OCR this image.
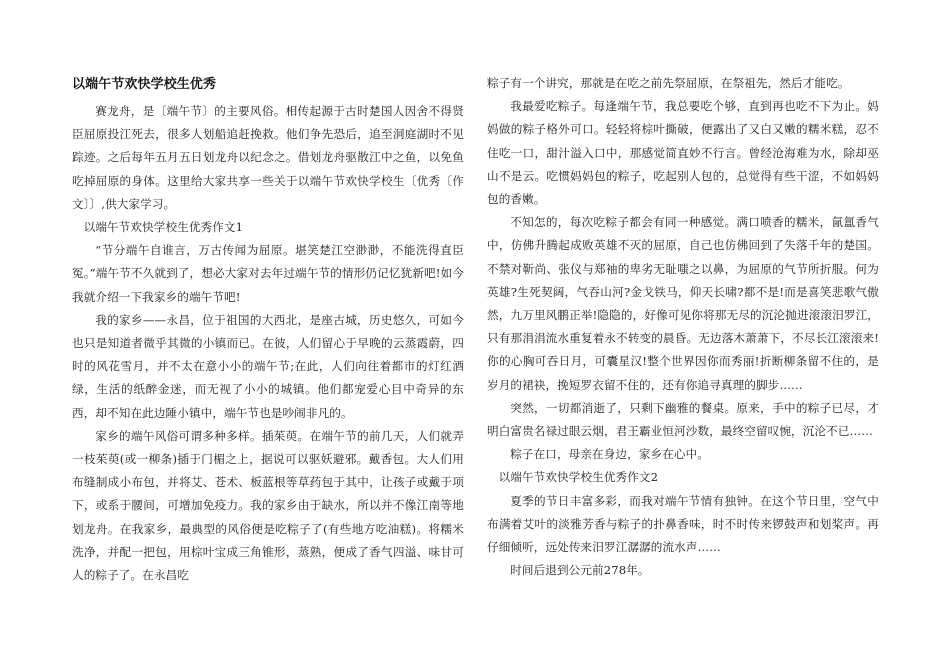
以端午节欢快学校生优秀

赛龙舟，是〔端午节〕的主要风俗。相传起源于古时楚国人因舍不得贤臣屈原投江死去，很多人划船追赶挽救。他们争先恐后，追至洞庭湖时不见踪迹。之后每年五月五日划龙舟以纪念之。借划龙舟驱散江中之鱼，以免鱼吃掉屈原的身体。这里给大家共享一些关于以端午节欢快学校生〔优秀〔作文〕〕,供大家学习。

以端午节欢快学校生优秀作文1

“节分端午自谁言，万古传闻为屈原。堪笑楚江空渺渺，不能洗得直臣冤。”端午节不久就到了，想必大家对去年过端午节的情形仍记忆犹新吧!如今我就介绍一下我家乡的端午节吧!

我的家乡——永昌，位于祖国的大西北，是座古城，历史悠久，可如今也只是知道者微乎其微的小镇而已。在彼，人们留心于早晚的云蒸霞蔚，四时的风花雪月，并不太在意小小的端午节;在此，人们向往着都市的灯红酒绿，生活的纸醉金迷，而无视了小小的城镇。他们都宠爱心目中奇异的东西，却不知在此边陲小镇中，端午节也是吵闹非凡的。

家乡的端午风俗可谓多种多样。插茱萸。在端午节的前几天，人们就弄一枝茱萸(或一柳条)插于门楣之上，据说可以驱妖避邪。戴香包。大人们用布缝制成小布包，并将艾、苍术、板蓝根等草药包于其中，让孩子或戴于项下，或系于腰间，可增加免疫力。我的家乡由于缺水，所以并不像江南等地划龙舟。在我家乡，最典型的风俗便是吃粽子了(有些地方吃油糕)。将糯米洗净，并配一把包，用棕叶宝成三角锥形，蒸熟，便成了香气四溢、味甘可人的粽子了。在永昌吃

粽子有一个讲究，那就是在吃之前先祭屈原，在祭祖先，然后才能吃。

我最爱吃粽子。每逢端午节，我总要吃个够，直到再也吃不下为止。妈妈做的粽子格外可口。轻轻将棕叶撕破，便露出了又白又嫩的糯米糕，忍不住吃一口，甜汁溢入口中，那感觉简直妙不行言。曾经沧海难为水，除却巫山不是云。吃惯妈妈包的粽子，吃起别人包的，总觉得有些干涩，不如妈妈包的香嫩。

不知怎的，每次吃粽子都会有同一种感觉。满口喷香的糯米，氤氲香气中，仿佛升腾起成败英雄不灭的屈原，自己也仿佛回到了失落千年的楚国。不禁对靳尚、张仪与郑袖的卑劣无耻嗤之以鼻，为屈原的气节所折服。何为英雄?生死契阔，气吞山河?金戈铁马，仰天长啸?都不是!而是喜笑悲歌气傲然，九万里风鹏正举!隐隐的，好像可见你将那无尽的沉沦抛进滚滚汨罗江，只有那涓涓流水重复着永不转变的晨昏。无边落木萧萧下，不尽长江滚滚来!你的心胸可吞日月，可囊星汉!整个世界因你而秀丽!折断柳条留不住的，是岁月的裙袂，挽短罗衣留不住的，还有你追寻真理的脚步……

突然，一切都消逝了，只剩下幽雅的餐桌。原来，手中的粽子已尽，才明白富贵名禄过眼云烟，君王霸业恒河沙数，最终空留叹惋，沉沦不已……

粽子在口，母亲在身边，家乡在心中。

以端午节欢快学校生优秀作文2

夏季的节日丰富多彩，而我对端午节情有独钟。在这个节日里，空气中布满着艾叶的淡雅芳香与粽子的扑鼻香味，时不时传来锣鼓声和划桨声。再仔细倾听，远处传来汨罗江潺潺的流水声……

时间后退到公元前278年。
